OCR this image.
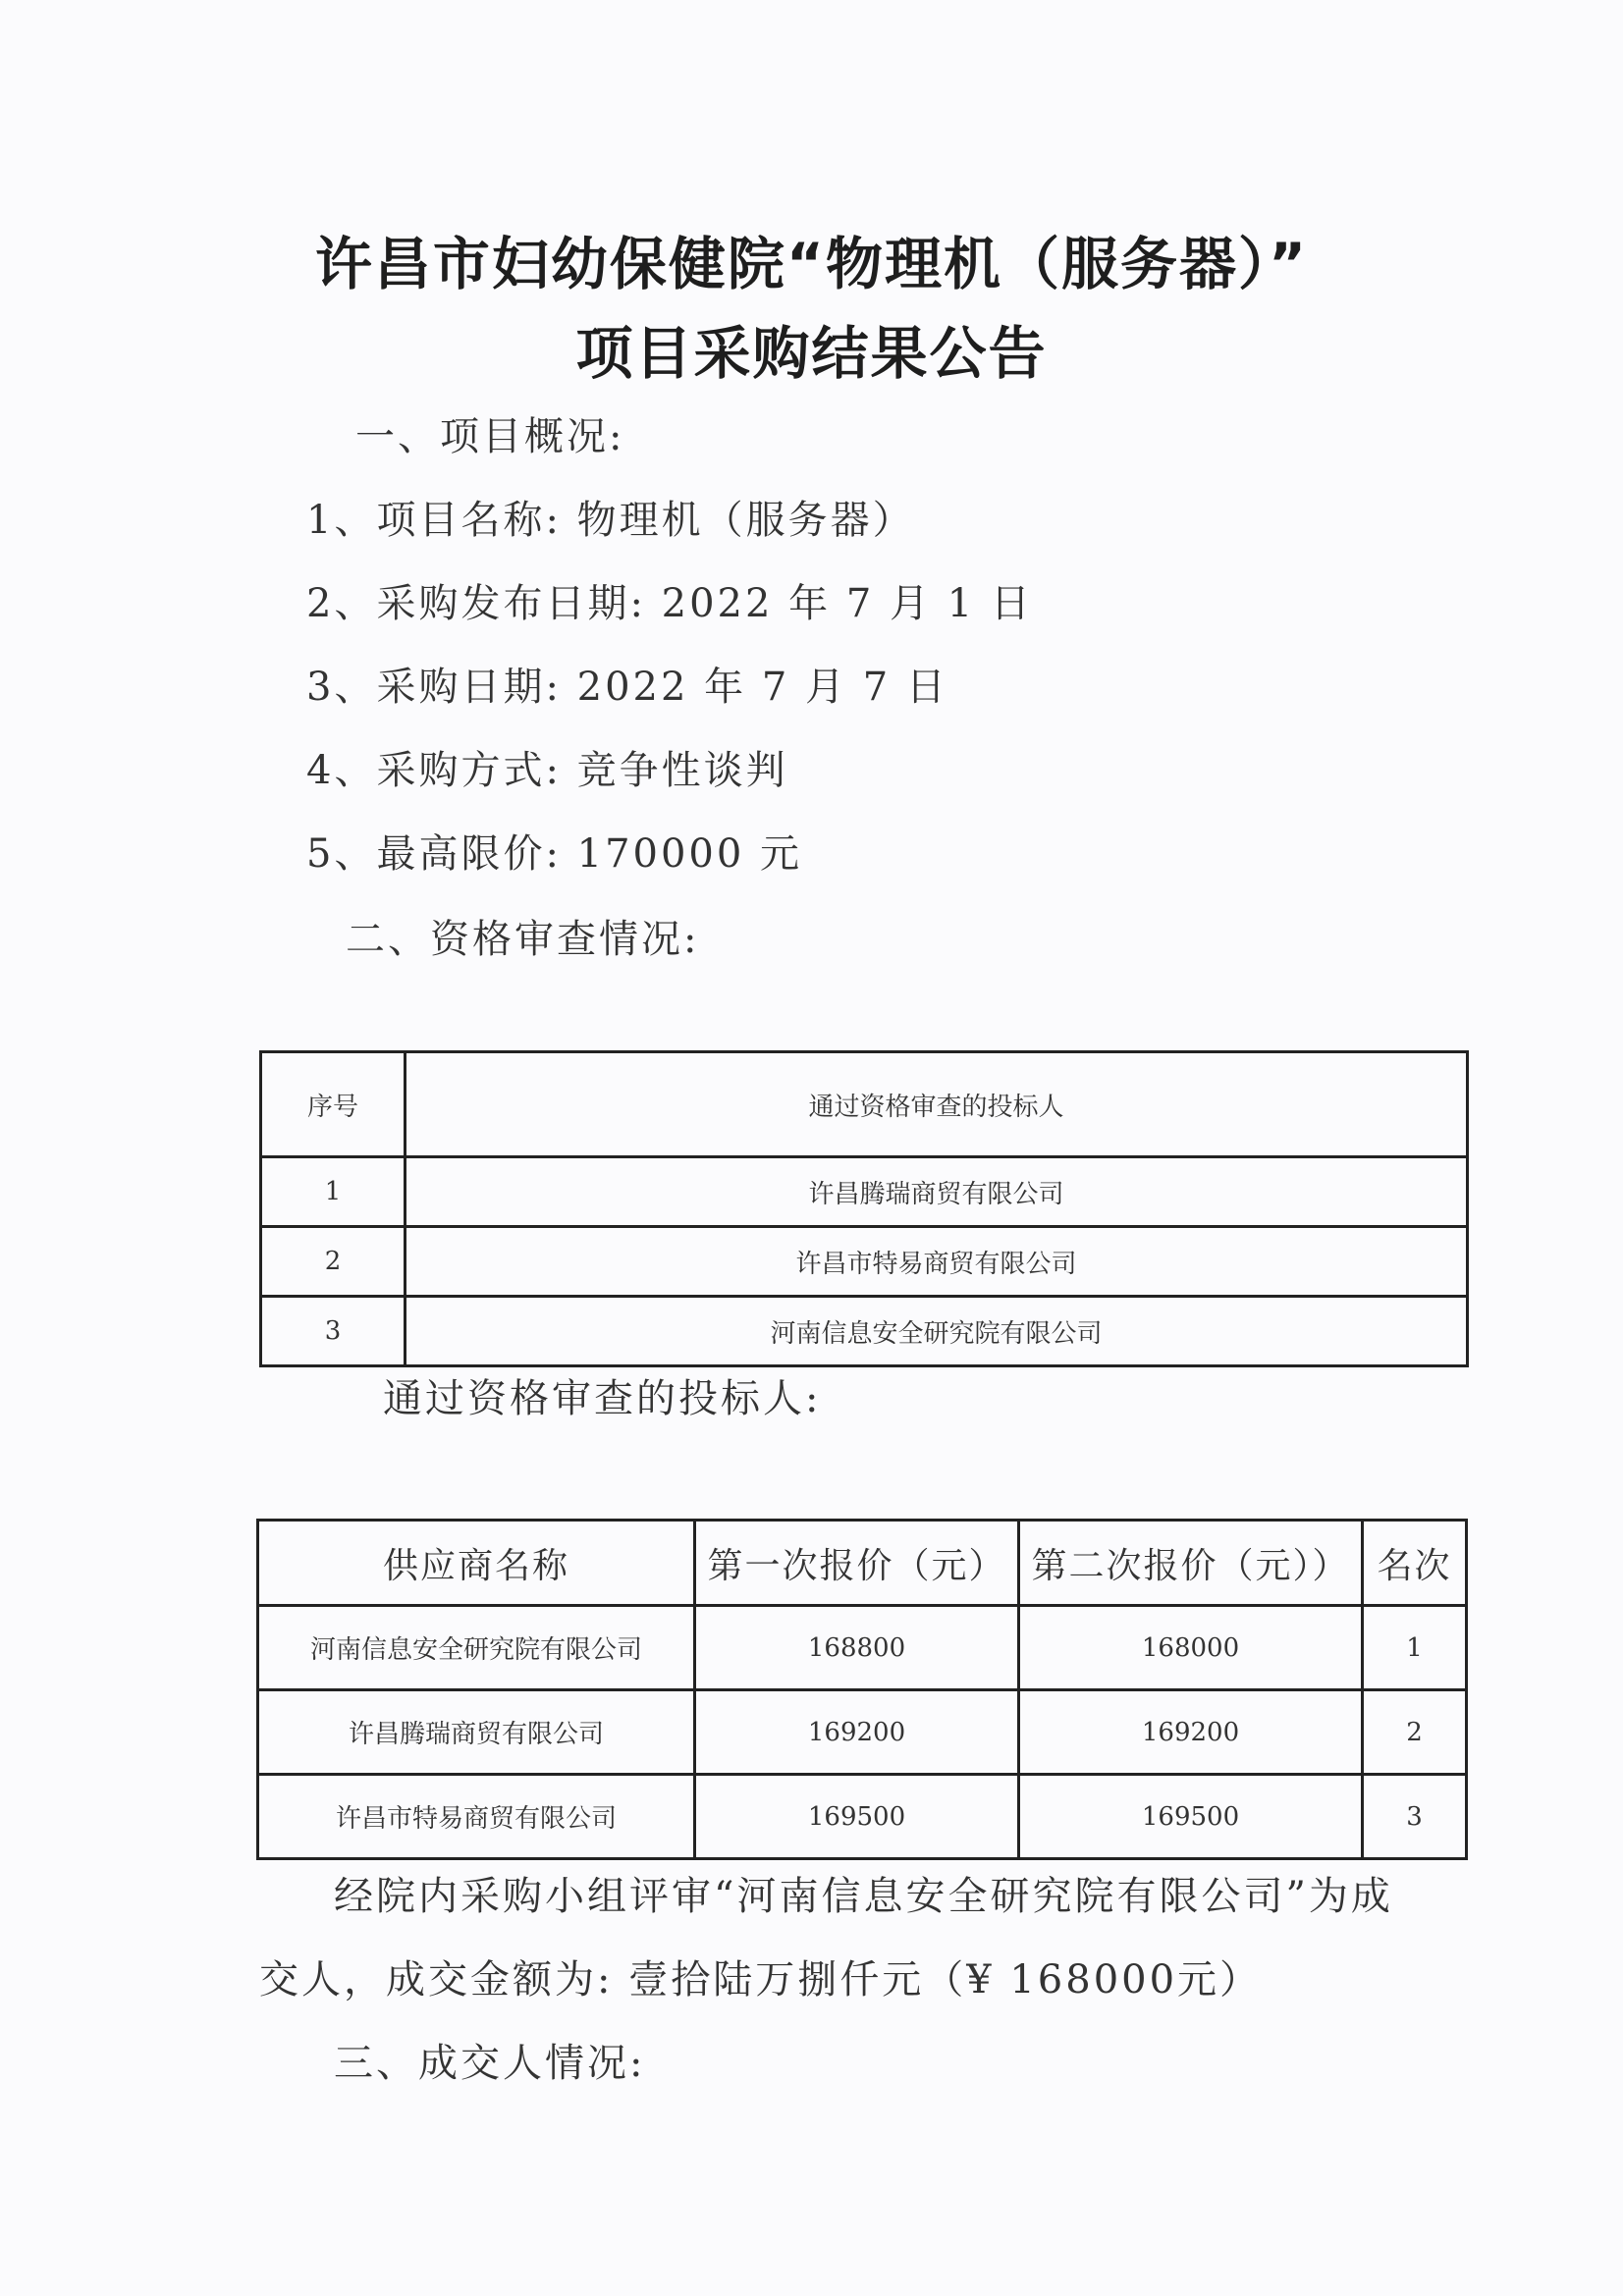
许昌市妇幼保健院“物理机（服务器）”
项目采购结果公告
一、项目概况:
1、项目名称: 物理机（服务器）
2、采购发布日期: 2022 年 7 月 1 日
3、采购日期: 2022 年 7 月 7 日
4、采购方式: 竞争性谈判
5、最高限价: 170000 元
二、资格审查情况:
序号	通过资格审查的投标人
1	许昌腾瑞商贸有限公司
2	许昌市特易商贸有限公司
3	河南信息安全研究院有限公司
通过资格审查的投标人:
供应商名称	第一次报价（元）	第二次报价（元））	名次
河南信息安全研究院有限公司	168800	168000	1
许昌腾瑞商贸有限公司	169200	169200	2
许昌市特易商贸有限公司	169500	169500	3
经院内采购小组评审“河南信息安全研究院有限公司”为成
交人，成交金额为: 壹拾陆万捌仟元（¥ 168000元）
三、成交人情况:
